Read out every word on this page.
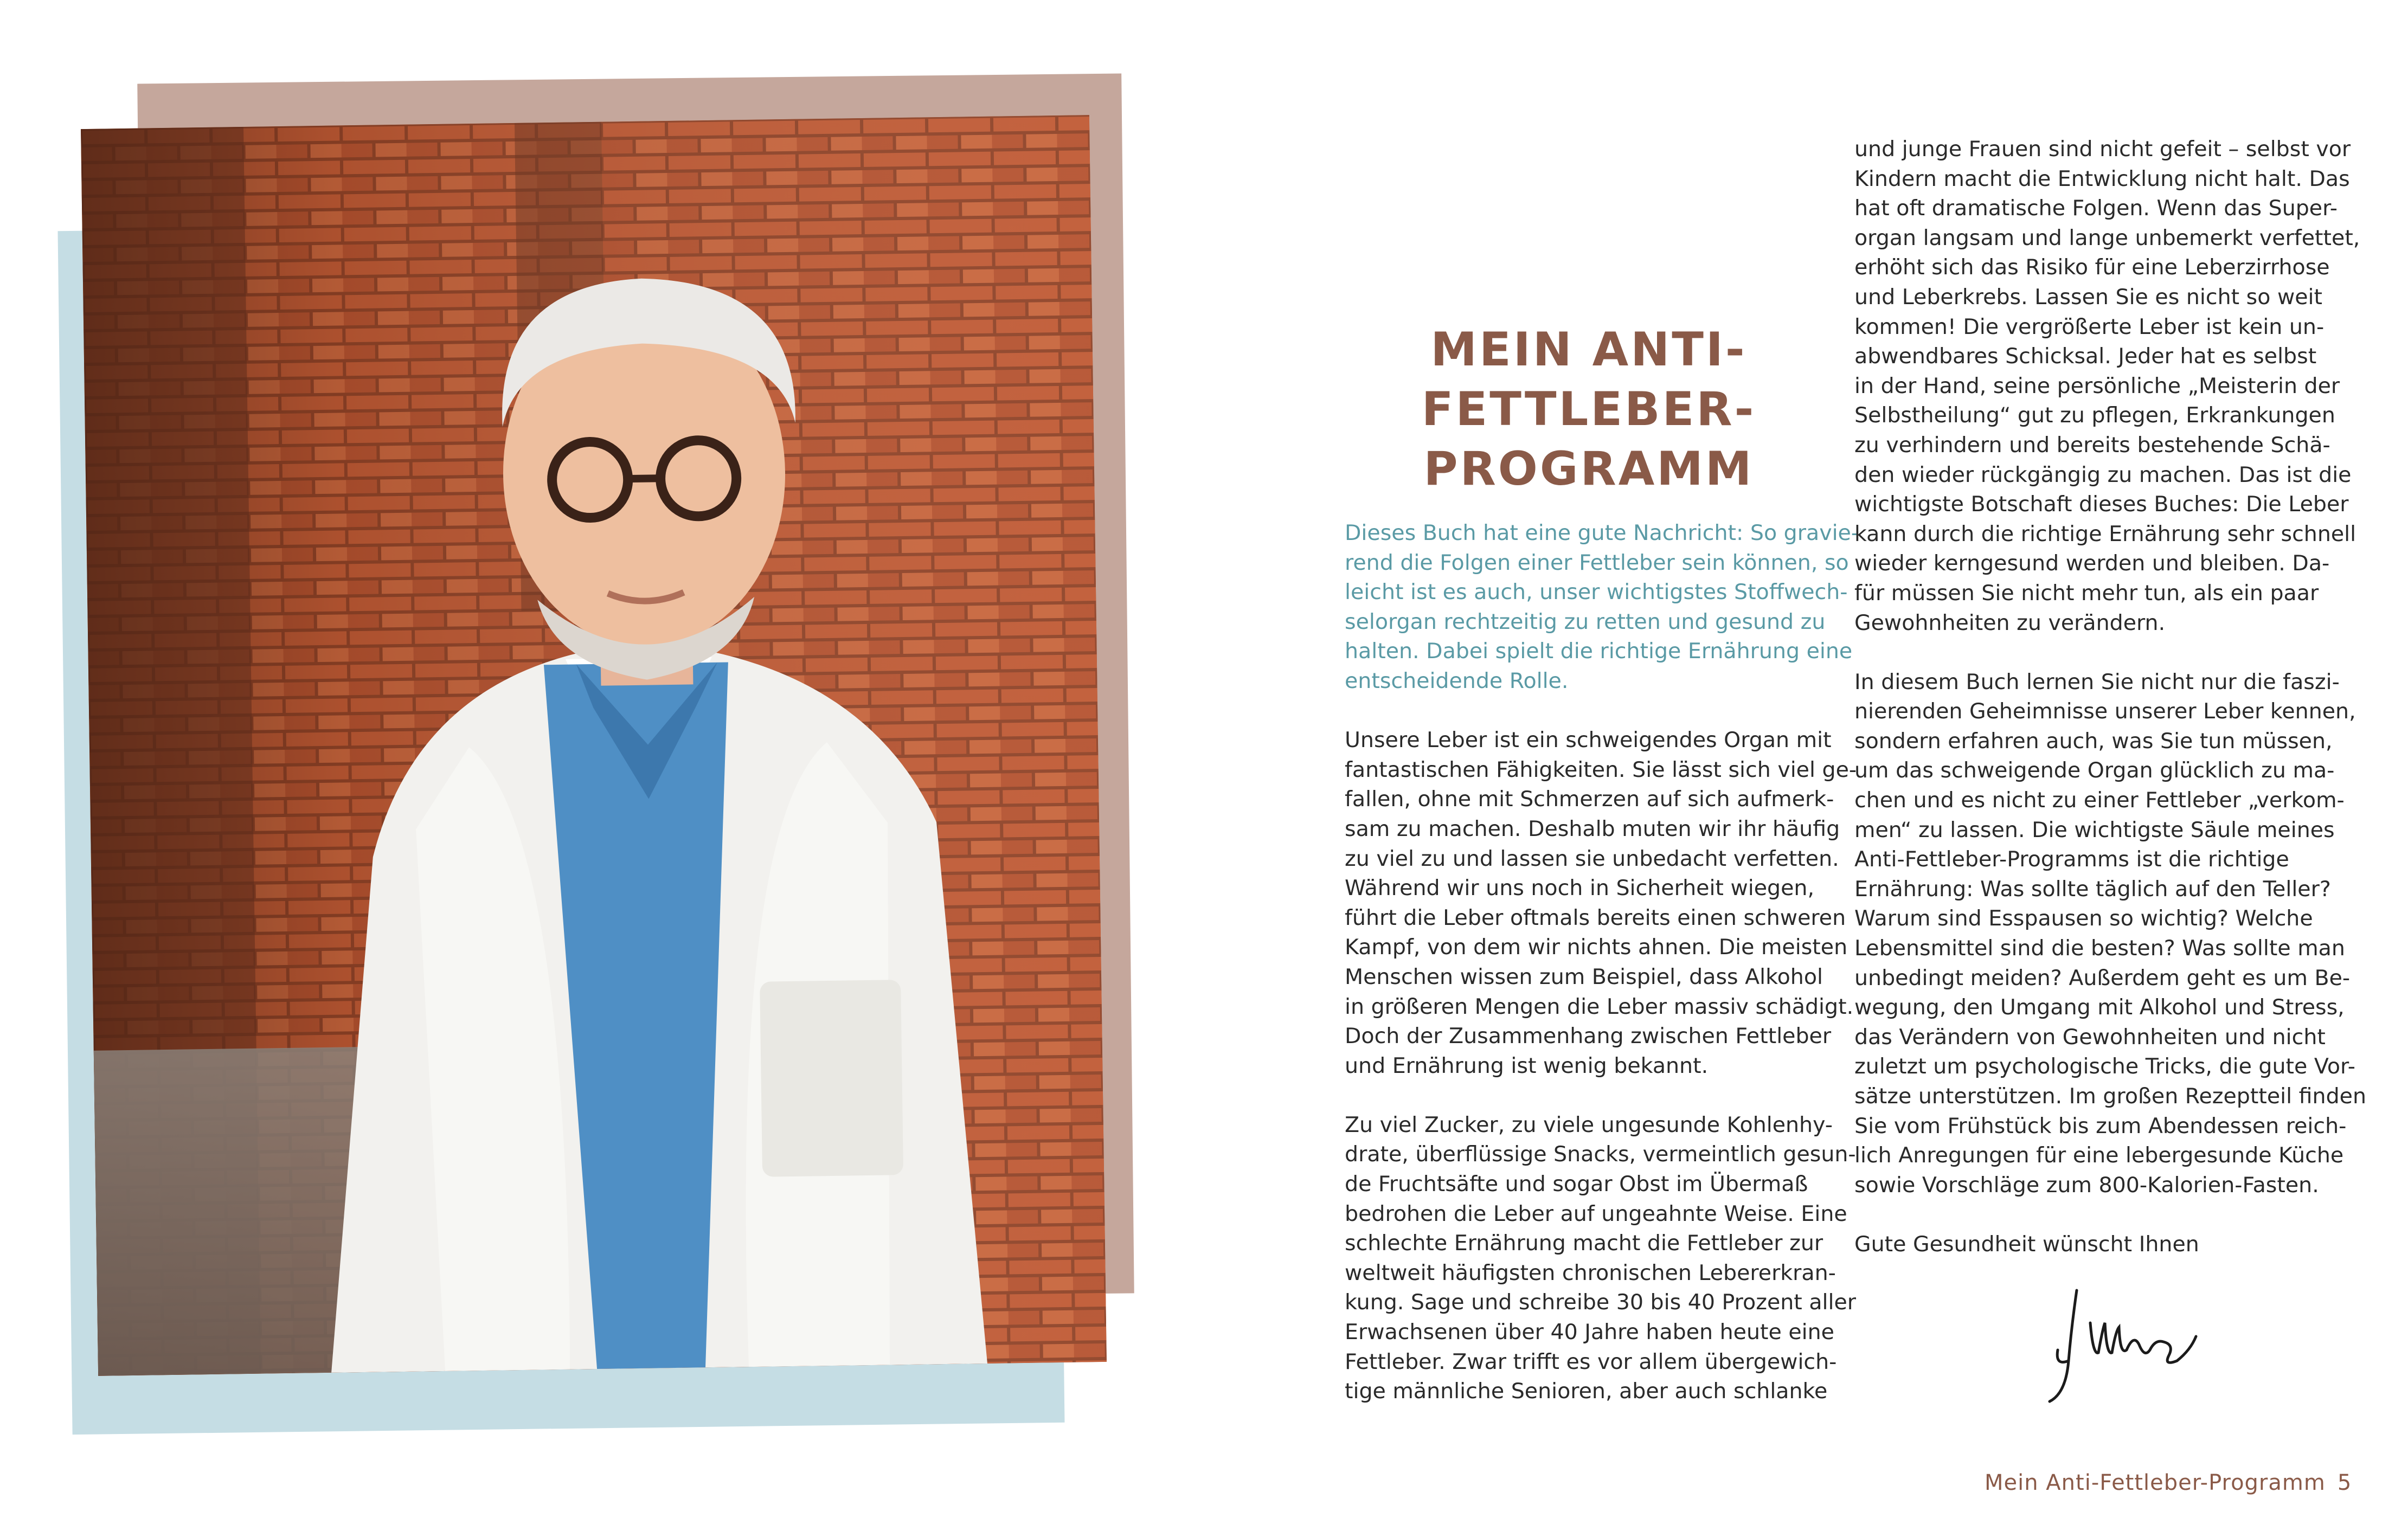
MEIN ANTI-
FETTLEBER-
PROGRAMM

Dieses Buch hat eine gute Nachricht: So gravie-
rend die Folgen einer Fettleber sein können, so
leicht ist es auch, unser wichtigstes Stoffwech-
selorgan rechtzeitig zu retten und gesund zu
halten. Dabei spielt die richtige Ernährung eine
entscheidende Rolle.

Unsere Leber ist ein schweigendes Organ mit
fantastischen Fähigkeiten. Sie lässt sich viel ge-
fallen, ohne mit Schmerzen auf sich aufmerk-
sam zu machen. Deshalb muten wir ihr häufig
zu viel zu und lassen sie unbedacht verfetten.
Während wir uns noch in Sicherheit wiegen,
führt die Leber oftmals bereits einen schweren
Kampf, von dem wir nichts ahnen. Die meisten
Menschen wissen zum Beispiel, dass Alkohol
in größeren Mengen die Leber massiv schädigt.
Doch der Zusammenhang zwischen Fettleber
und Ernährung ist wenig bekannt.

Zu viel Zucker, zu viele ungesunde Kohlenhy-
drate, überflüssige Snacks, vermeintlich gesun-
de Fruchtsäfte und sogar Obst im Übermaß
bedrohen die Leber auf ungeahnte Weise. Eine
schlechte Ernährung macht die Fettleber zur
weltweit häufigsten chronischen Lebererkran-
kung. Sage und schreibe 30 bis 40 Prozent aller
Erwachsenen über 40 Jahre haben heute eine
Fettleber. Zwar trifft es vor allem übergewich-
tige männliche Senioren, aber auch schlanke

und junge Frauen sind nicht gefeit – selbst vor
Kindern macht die Entwicklung nicht halt. Das
hat oft dramatische Folgen. Wenn das Super-
organ langsam und lange unbemerkt verfettet,
erhöht sich das Risiko für eine Leberzirrhose
und Leberkrebs. Lassen Sie es nicht so weit
kommen! Die vergrößerte Leber ist kein un-
abwendbares Schicksal. Jeder hat es selbst
in der Hand, seine persönliche „Meisterin der
Selbstheilung“ gut zu pflegen, Erkrankungen
zu verhindern und bereits bestehende Schä-
den wieder rückgängig zu machen. Das ist die
wichtigste Botschaft dieses Buches: Die Leber
kann durch die richtige Ernährung sehr schnell
wieder kerngesund werden und bleiben. Da-
für müssen Sie nicht mehr tun, als ein paar
Gewohnheiten zu verändern.

In diesem Buch lernen Sie nicht nur die faszi-
nierenden Geheimnisse unserer Leber kennen,
sondern erfahren auch, was Sie tun müssen,
um das schweigende Organ glücklich zu ma-
chen und es nicht zu einer Fettleber „verkom-
men“ zu lassen. Die wichtigste Säule meines
Anti-Fettleber-Programms ist die richtige
Ernährung: Was sollte täglich auf den Teller?
Warum sind Esspausen so wichtig? Welche
Lebensmittel sind die besten? Was sollte man
unbedingt meiden? Außerdem geht es um Be-
wegung, den Umgang mit Alkohol und Stress,
das Verändern von Gewohnheiten und nicht
zuletzt um psychologische Tricks, die gute Vor-
sätze unterstützen. Im großen Rezeptteil finden
Sie vom Frühstück bis zum Abendessen reich-
lich Anregungen für eine lebergesunde Küche
sowie Vorschläge zum 800-Kalorien-Fasten.

Gute Gesundheit wünscht Ihnen

Mein Anti-Fettleber-Programm 5
